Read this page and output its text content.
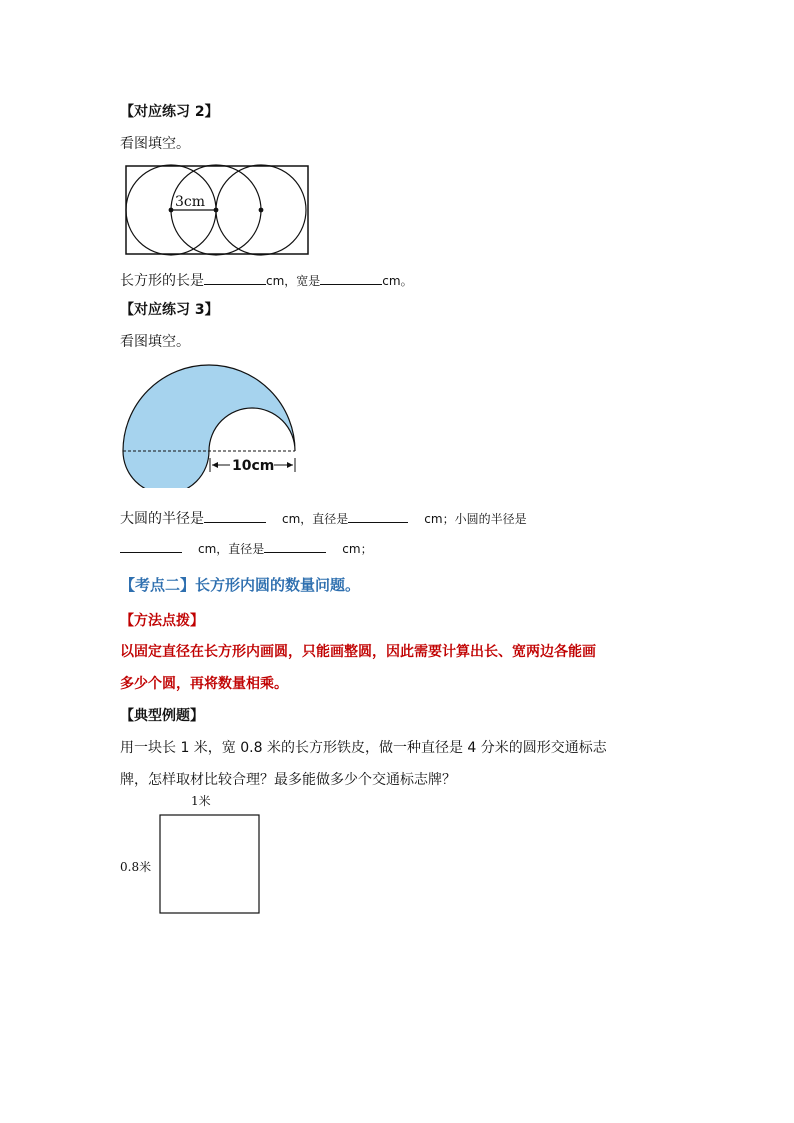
【对应练习 2】
看图填空。
3cm
长方形的长是	cm，宽是	cm。
【对应练习 3】
看图填空。
10cm
大圆的半径是	cm，直径是	cm；小圆的半径是
cm，直径是	cm；
【考点二】长方形内圆的数量问题。
【方法点拨】
以固定直径在长方形内画圆，只能画整圆，因此需要计算出长、宽两边各能画
多少个圆，再将数量相乘。
【典型例题】
用一块长 1 米，宽 0.8 米的长方形铁皮，做一种直径是 4 分米的圆形交通标志
牌，怎样取材比较合理？最多能做多少个交通标志牌？
1米
0.8米
